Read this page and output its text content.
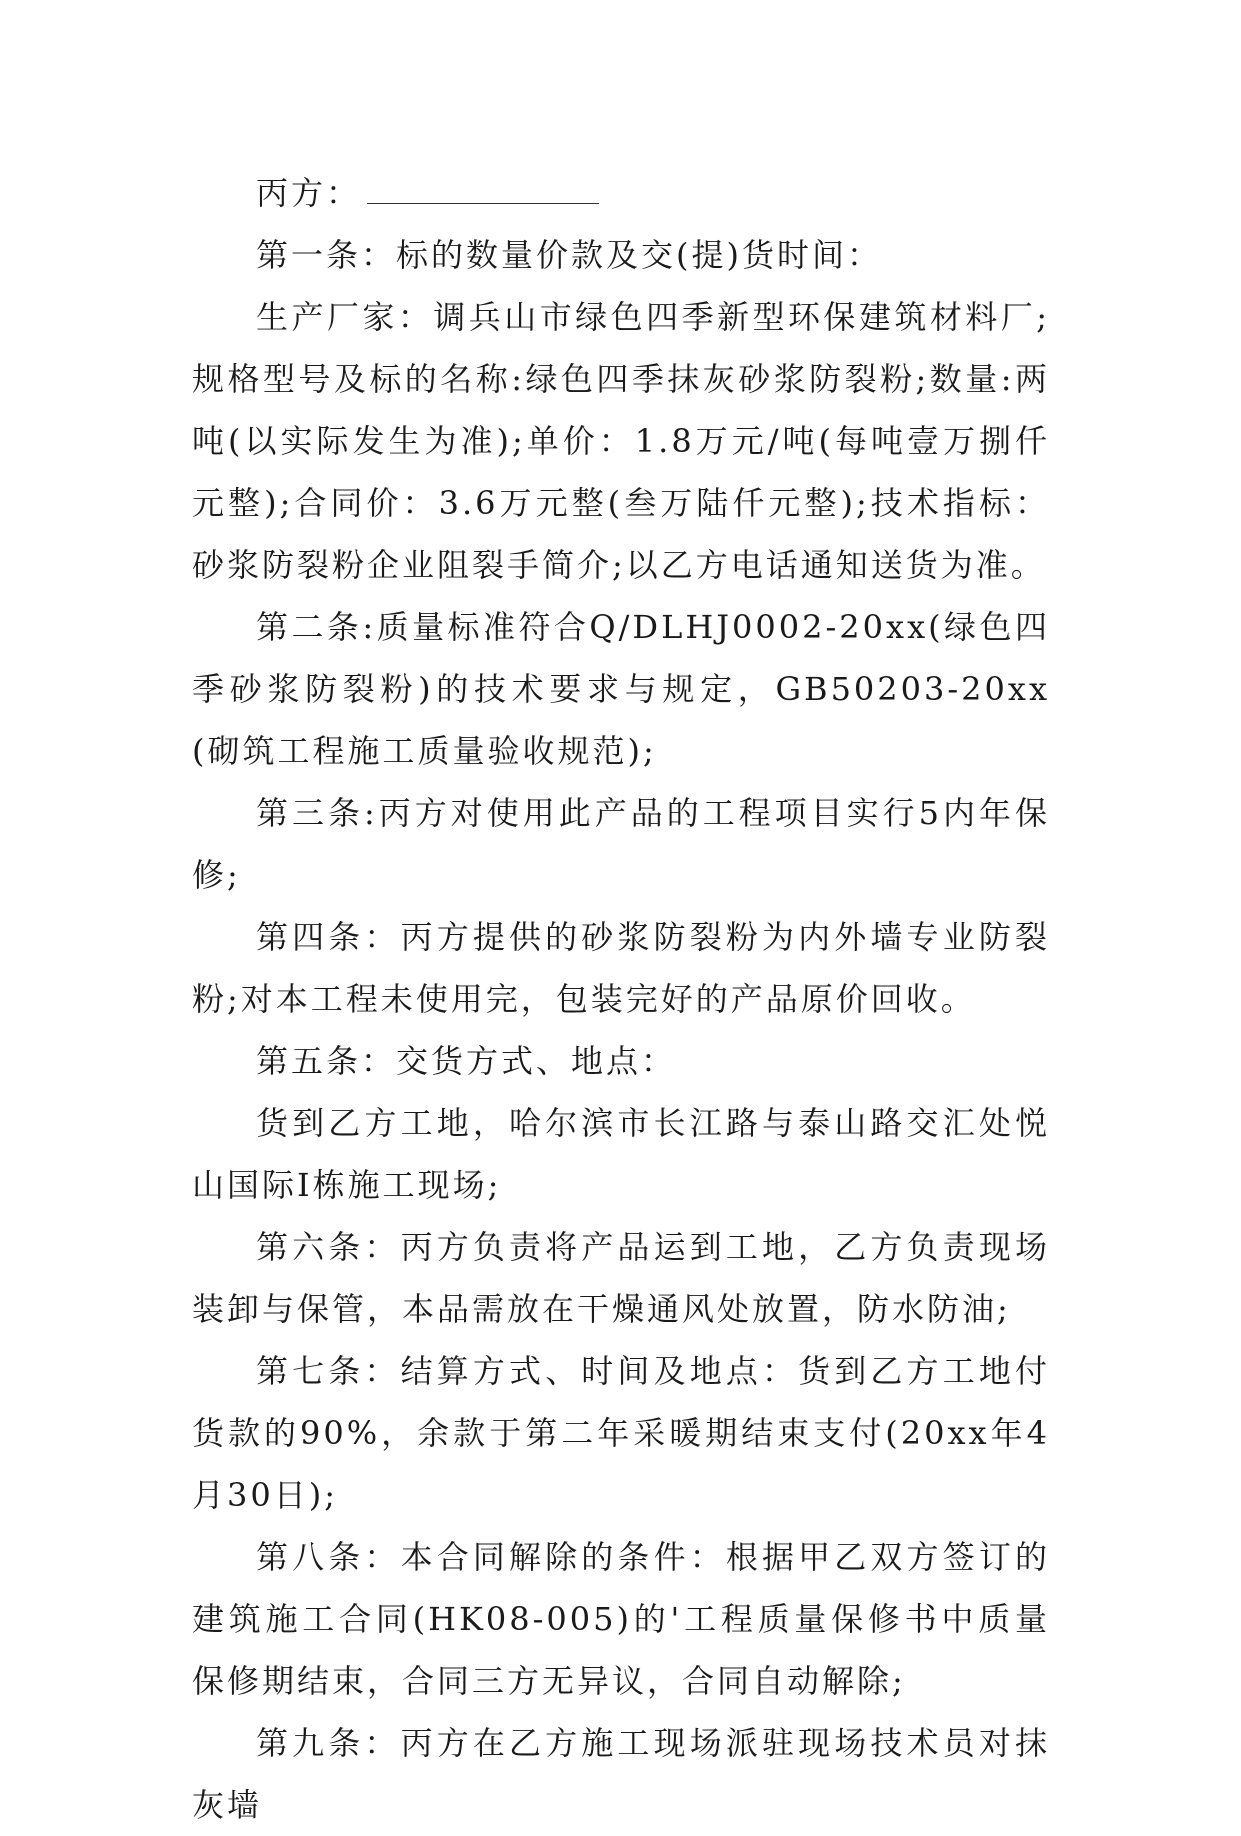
丙方：

第一条：标的数量价款及交(提)货时间：

生产厂家：调兵山市绿色四季新型环保建筑材料厂;规格型号及标的名称:绿色四季抹灰砂浆防裂粉;数量:两吨(以实际发生为准);单价：1.8万元/吨(每吨壹万捌仟元整);合同价：3.6万元整(叁万陆仟元整);技术指标：砂浆防裂粉企业阻裂手简介;以乙方电话通知送货为准。

第二条:质量标准符合Q/DLHJ0002-20xx(绿色四季砂浆防裂粉)的技术要求与规定，GB50203-20xx(砌筑工程施工质量验收规范);

第三条:丙方对使用此产品的工程项目实行5内年保修;

第四条：丙方提供的砂浆防裂粉为内外墙专业防裂粉;对本工程未使用完，包装完好的产品原价回收。

第五条：交货方式、地点：

货到乙方工地，哈尔滨市长江路与泰山路交汇处悦山国际I栋施工现场;

第六条：丙方负责将产品运到工地，乙方负责现场装卸与保管，本品需放在干燥通风处放置，防水防油;

第七条：结算方式、时间及地点：货到乙方工地付货款的90%，余款于第二年采暖期结束支付(20xx年4月30日);

第八条：本合同解除的条件：根据甲乙双方签订的建筑施工合同(HK08-005)的'工程质量保修书中质量保修期结束，合同三方无异议，合同自动解除;

第九条：丙方在乙方施工现场派驻现场技术员对抹灰墙
